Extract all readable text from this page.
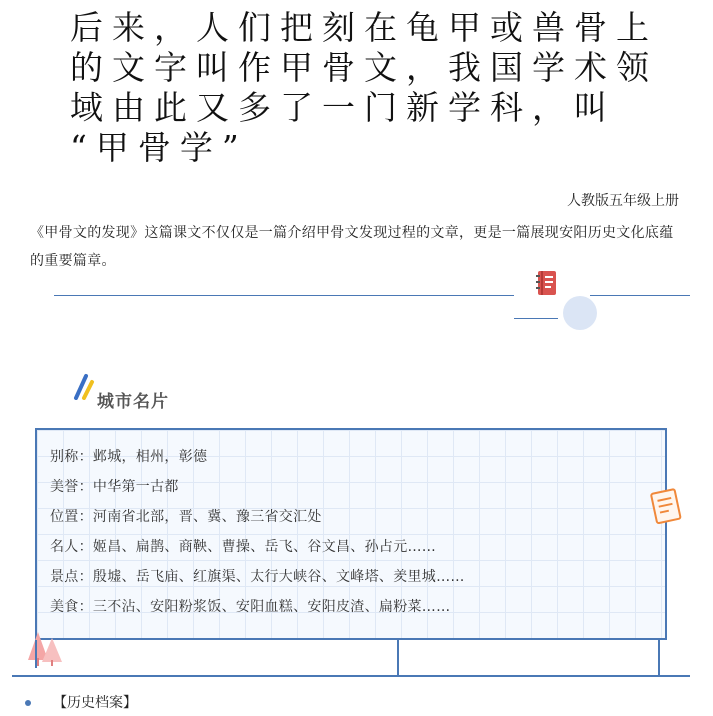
后来，人们把刻在龟甲或兽骨上
的文字叫作甲骨文，我国学术领
域由此又多了一门新学科，叫
“甲骨学”
人教版五年级上册
《甲骨文的发现》这篇课文不仅仅是一篇介绍甲骨文发现过程的文章，更是一篇展现安阳历史文化底蕴的重要篇章。
城市名片
别称：邺城，相州，彰德
美誉：中华第一古都
位置：河南省北部，晋、冀、豫三省交汇处
名人：姬昌、扁鹊、商鞅、曹操、岳飞、谷文昌、孙占元……
景点：殷墟、岳飞庙、红旗渠、太行大峡谷、文峰塔、羑里城……
美食：三不沾、安阳粉浆饭、安阳血糕、安阳皮渣、扁粉菜……
【历史档案】
